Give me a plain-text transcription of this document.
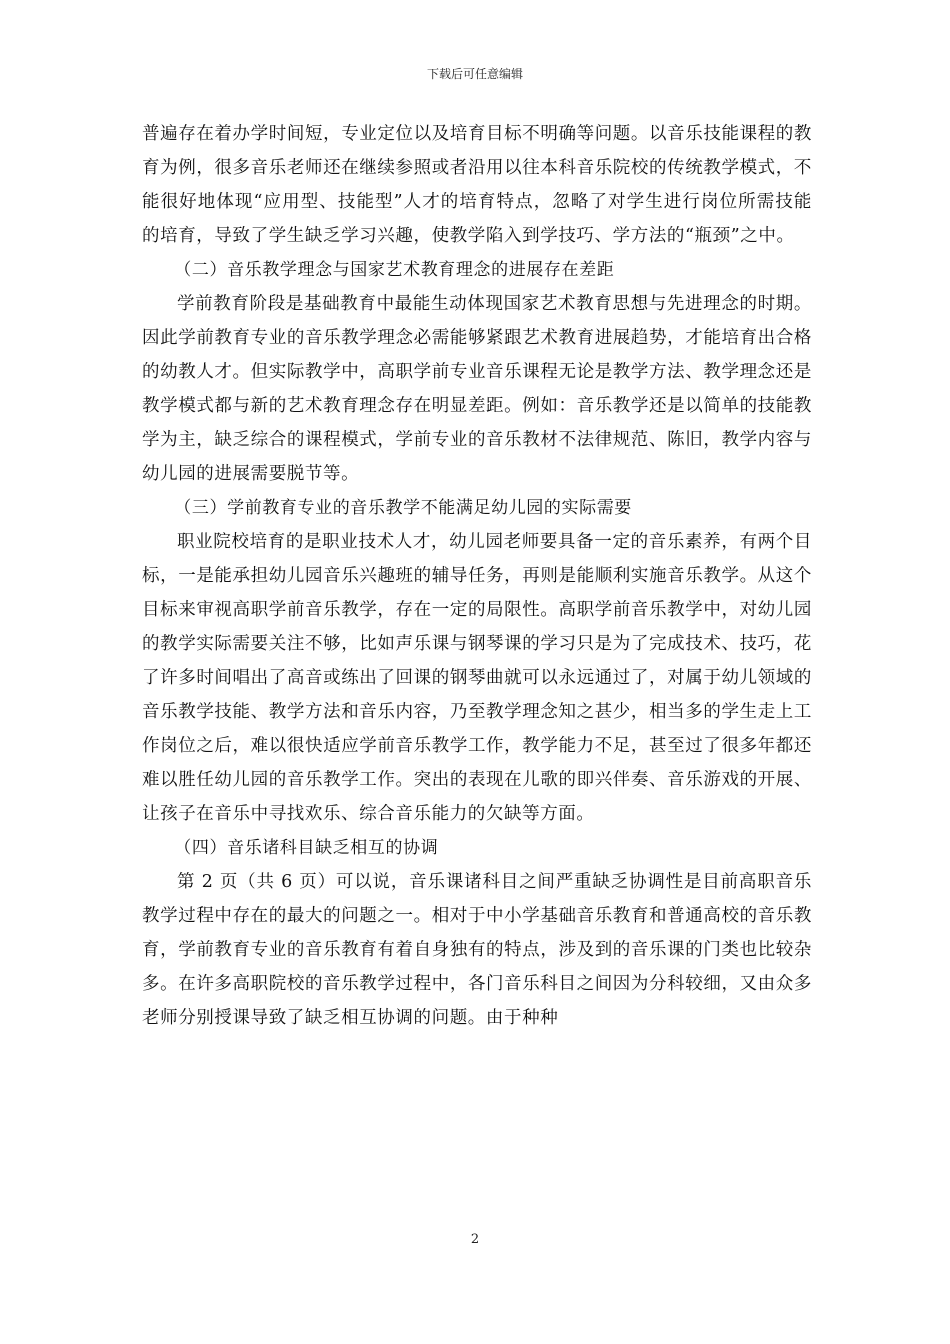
下载后可任意编辑

普遍存在着办学时间短，专业定位以及培育目标不明确等问题。以音乐技能课程的教育为例，很多音乐老师还在继续参照或者沿用以往本科音乐院校的传统教学模式，不能很好地体现“应用型、技能型”人才的培育特点，忽略了对学生进行岗位所需技能的培育，导致了学生缺乏学习兴趣，使教学陷入到学技巧、学方法的“瓶颈”之中。

（二）音乐教学理念与国家艺术教育理念的进展存在差距

学前教育阶段是基础教育中最能生动体现国家艺术教育思想与先进理念的时期。因此学前教育专业的音乐教学理念必需能够紧跟艺术教育进展趋势，才能培育出合格的幼教人才。但实际教学中，高职学前专业音乐课程无论是教学方法、教学理念还是教学模式都与新的艺术教育理念存在明显差距。例如：音乐教学还是以简单的技能教学为主，缺乏综合的课程模式，学前专业的音乐教材不法律规范、陈旧，教学内容与幼儿园的进展需要脱节等。

（三）学前教育专业的音乐教学不能满足幼儿园的实际需要

职业院校培育的是职业技术人才，幼儿园老师要具备一定的音乐素养，有两个目标，一是能承担幼儿园音乐兴趣班的辅导任务，再则是能顺利实施音乐教学。从这个目标来审视高职学前音乐教学，存在一定的局限性。高职学前音乐教学中，对幼儿园的教学实际需要关注不够，比如声乐课与钢琴课的学习只是为了完成技术、技巧，花了许多时间唱出了高音或练出了回课的钢琴曲就可以永远通过了，对属于幼儿领域的音乐教学技能、教学方法和音乐内容，乃至教学理念知之甚少，相当多的学生走上工作岗位之后，难以很快适应学前音乐教学工作，教学能力不足，甚至过了很多年都还难以胜任幼儿园的音乐教学工作。突出的表现在儿歌的即兴伴奏、音乐游戏的开展、让孩子在音乐中寻找欢乐、综合音乐能力的欠缺等方面。

（四）音乐诸科目缺乏相互的协调

第 2 页（共 6 页）可以说，音乐课诸科目之间严重缺乏协调性是目前高职音乐教学过程中存在的最大的问题之一。相对于中小学基础音乐教育和普通高校的音乐教育，学前教育专业的音乐教育有着自身独有的特点，涉及到的音乐课的门类也比较杂多。在许多高职院校的音乐教学过程中，各门音乐科目之间因为分科较细，又由众多老师分别授课导致了缺乏相互协调的问题。由于种种

2
